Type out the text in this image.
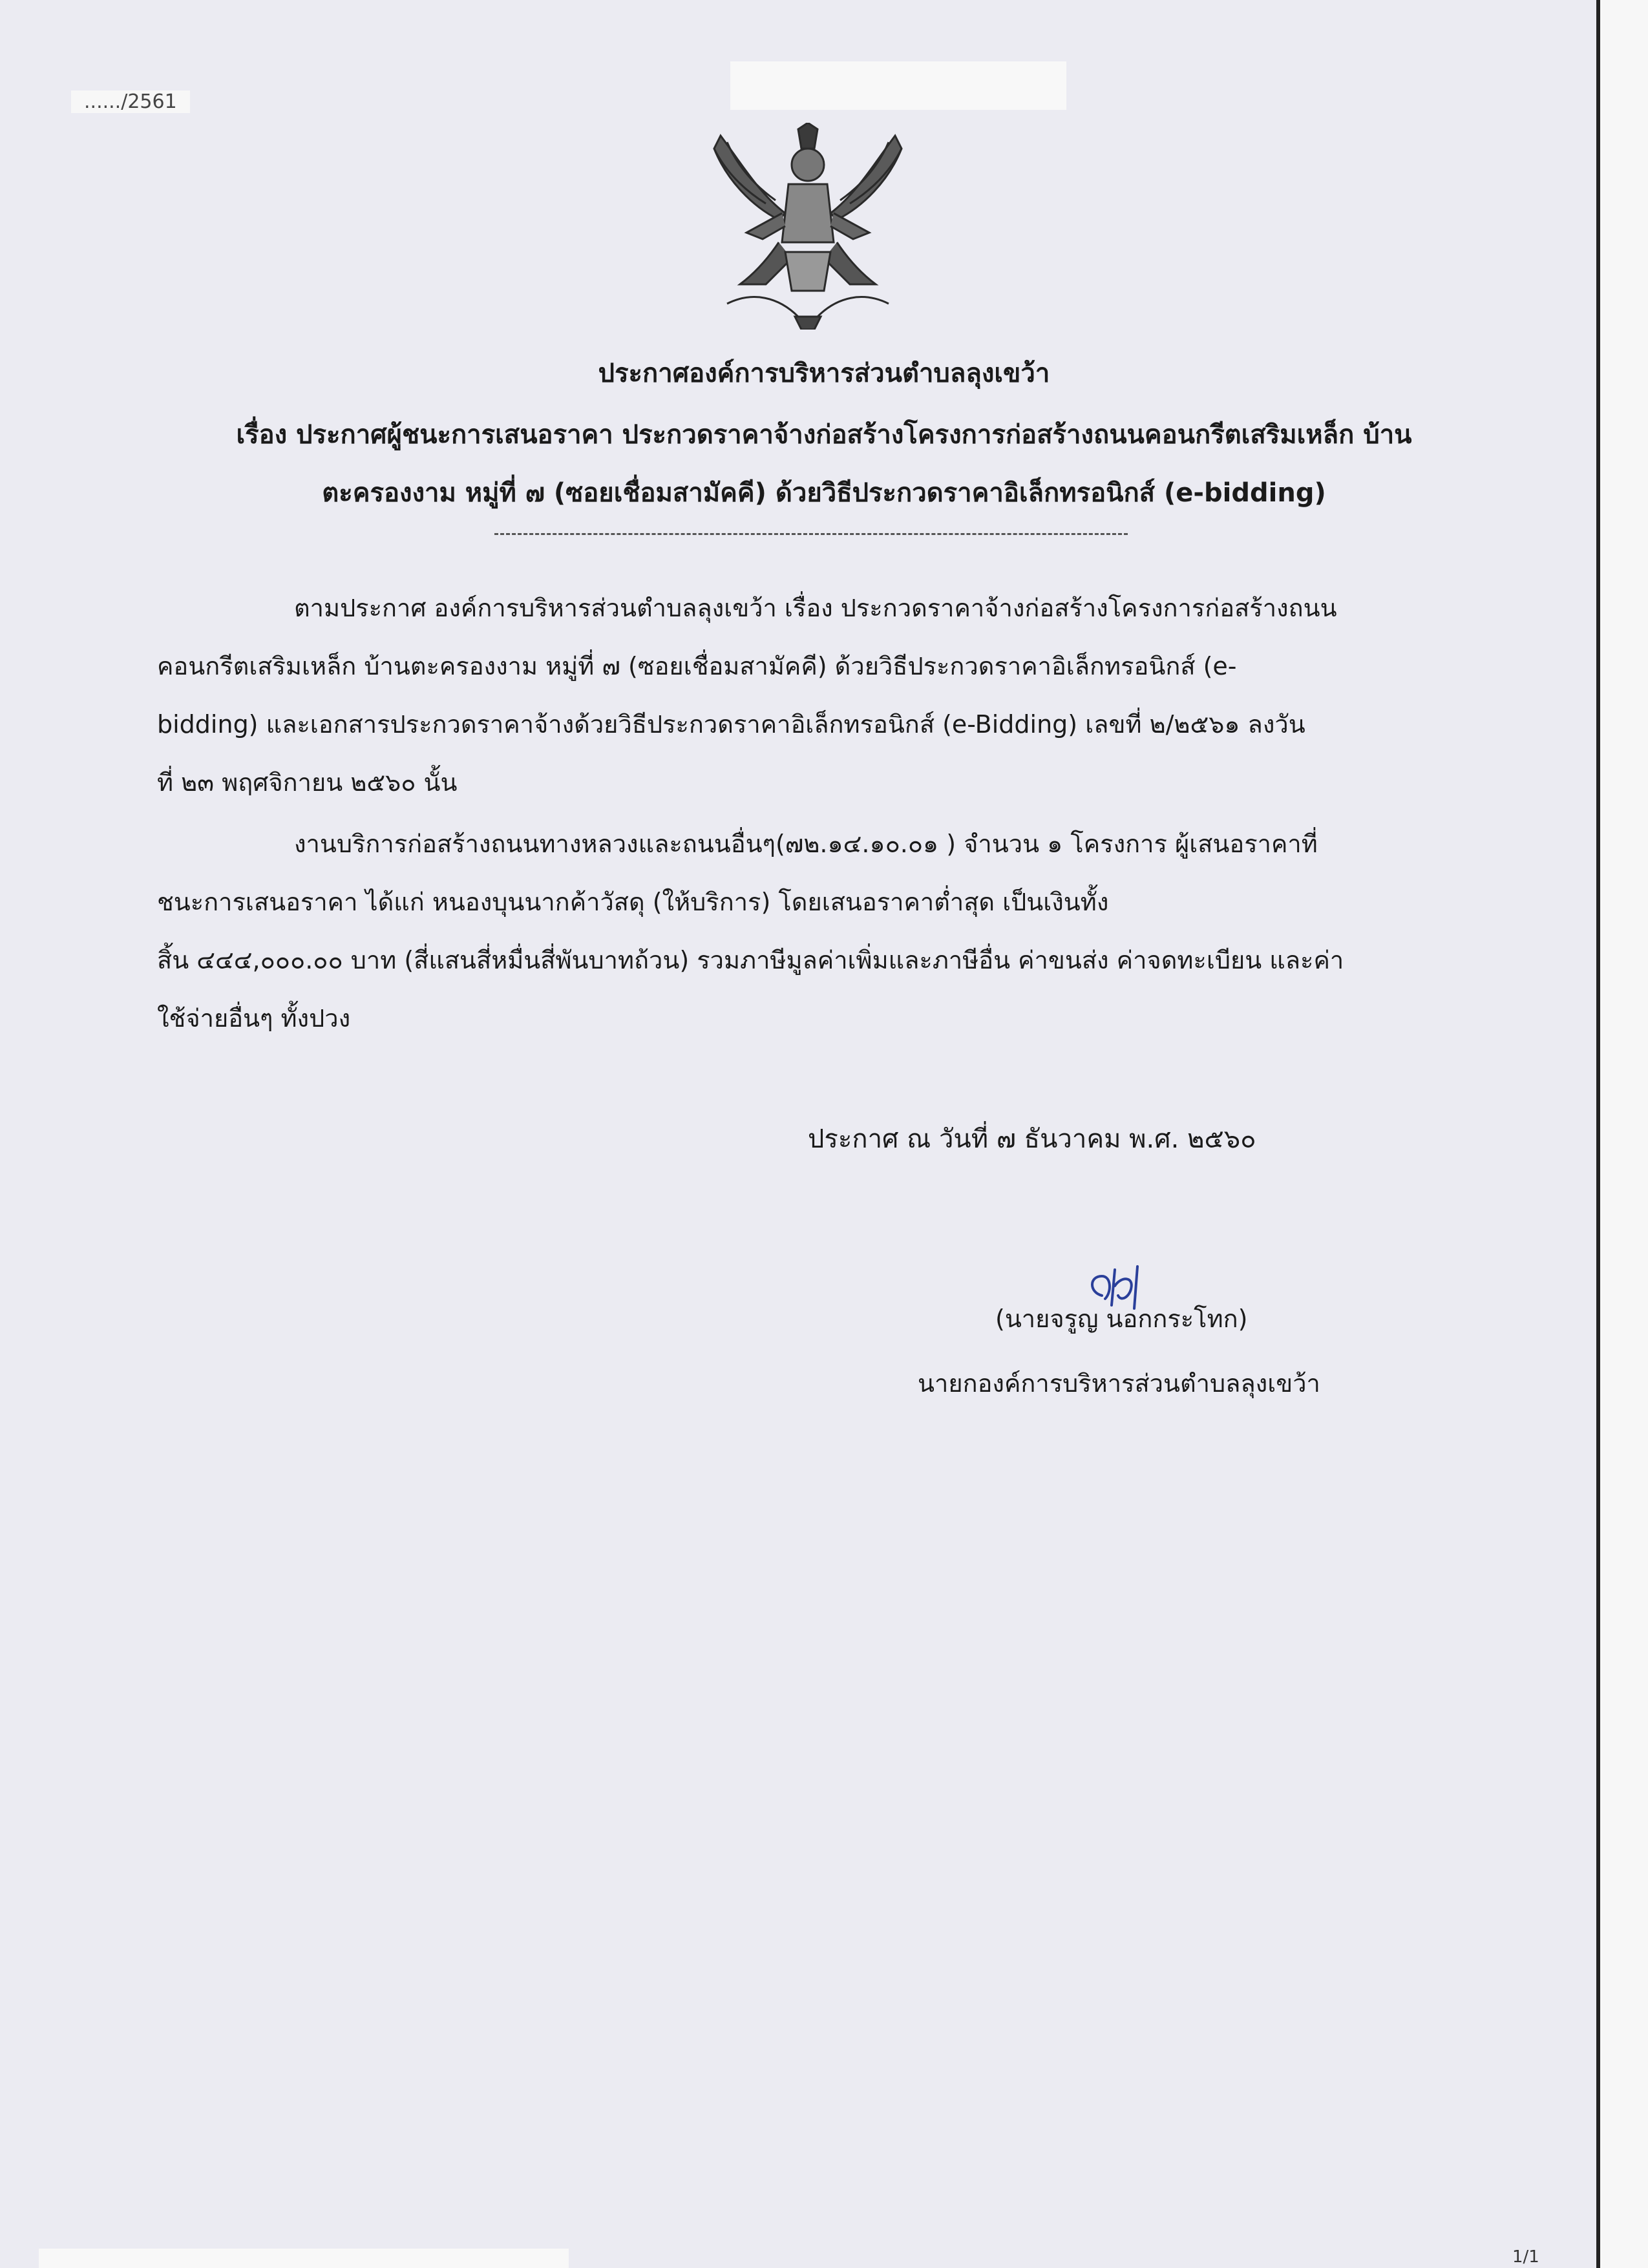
....../2561
1/1
ประกาศองค์การบริหารส่วนตำบลลุงเขว้า
เรื่อง ประกาศผู้ชนะการเสนอราคา ประกวดราคาจ้างก่อสร้างโครงการก่อสร้างถนนคอนกรีตเสริมเหล็ก บ้าน
ตะครองงาม หมู่ที่ ๗ (ซอยเชื่อมสามัคคี) ด้วยวิธีประกวดราคาอิเล็กทรอนิกส์ (e-bidding)
ตามประกาศ องค์การบริหารส่วนตำบลลุงเขว้า เรื่อง ประกวดราคาจ้างก่อสร้างโครงการก่อสร้างถนน
คอนกรีตเสริมเหล็ก บ้านตะครองงาม หมู่ที่ ๗ (ซอยเชื่อมสามัคคี) ด้วยวิธีประกวดราคาอิเล็กทรอนิกส์ (e-
bidding) และเอกสารประกวดราคาจ้างด้วยวิธีประกวดราคาอิเล็กทรอนิกส์ (e-Bidding) เลขที่ ๒/๒๕๖๑ ลงวัน
ที่ ๒๓ พฤศจิกายน ๒๕๖๐ นั้น
งานบริการก่อสร้างถนนทางหลวงและถนนอื่นๆ(๗๒.๑๔.๑๐.๐๑ ) จำนวน ๑ โครงการ ผู้เสนอราคาที่
ชนะการเสนอราคา ได้แก่ หนองบุนนากค้าวัสดุ (ให้บริการ) โดยเสนอราคาต่ำสุด เป็นเงินทั้ง
สิ้น ๔๔๔,๐๐๐.๐๐ บาท (สี่แสนสี่หมื่นสี่พันบาทถ้วน) รวมภาษีมูลค่าเพิ่มและภาษีอื่น ค่าขนส่ง ค่าจดทะเบียน และค่า
ใช้จ่ายอื่นๆ ทั้งปวง
ประกาศ ณ วันที่ ๗ ธันวาคม พ.ศ. ๒๕๖๐
(นายจรูญ นอกกระโทก)
นายกองค์การบริหารส่วนตำบลลุงเขว้า
